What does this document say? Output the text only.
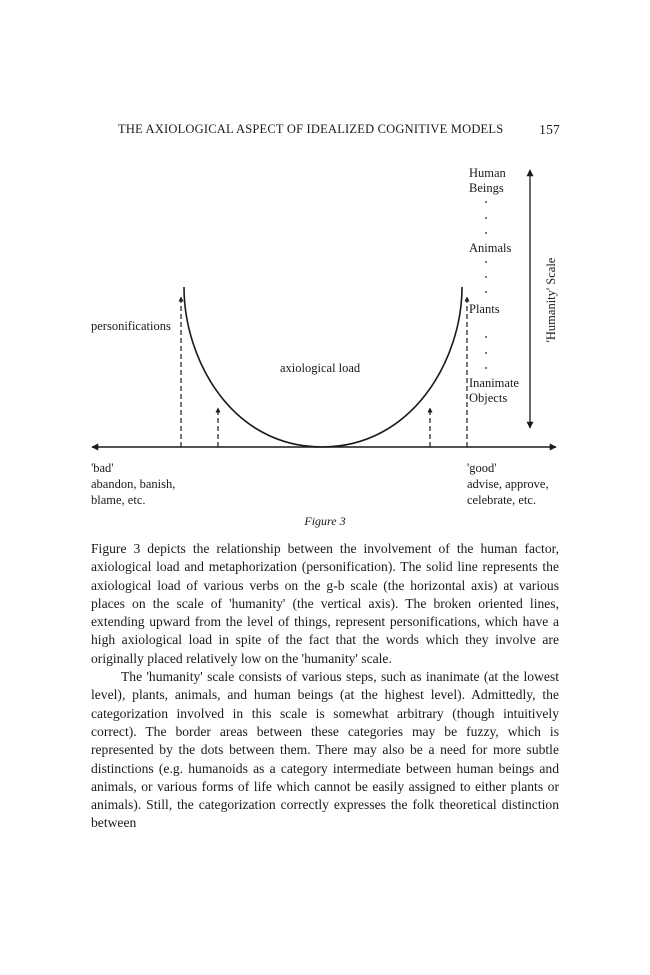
THE AXIOLOGICAL ASPECT OF IDEALIZED COGNITIVE MODELS	157
Human
Beings
Animals
Plants
Inanimate
Objects
'Humanity' Scale
personifications
axiological load
'bad'
abandon, banish,
blame, etc.
'good'
advise, approve,
celebrate, etc.
Figure 3

Figure 3 depicts the relationship between the involvement of the human factor, axiological load and metaphorization (personification). The solid line represents the axiological load of various verbs on the g-b scale (the horizontal axis) at various places on the scale of 'humanity' (the vertical axis). The broken oriented lines, extending upward from the level of things, represent personifications, which have a high axiological load in spite of the fact that the words which they involve are originally placed relatively low on the 'humanity' scale.

The 'humanity' scale consists of various steps, such as inanimate (at the lowest level), plants, animals, and human beings (at the highest level). Admittedly, the categorization involved in this scale is somewhat arbitrary (though intuitively correct). The border areas between these categories may be fuzzy, which is represented by the dots between them. There may also be a need for more subtle distinctions (e.g. humanoids as a category intermediate between human beings and animals, or various forms of life which cannot be easily assigned to either plants or animals). Still, the categorization correctly expresses the folk theoretical distinction between
